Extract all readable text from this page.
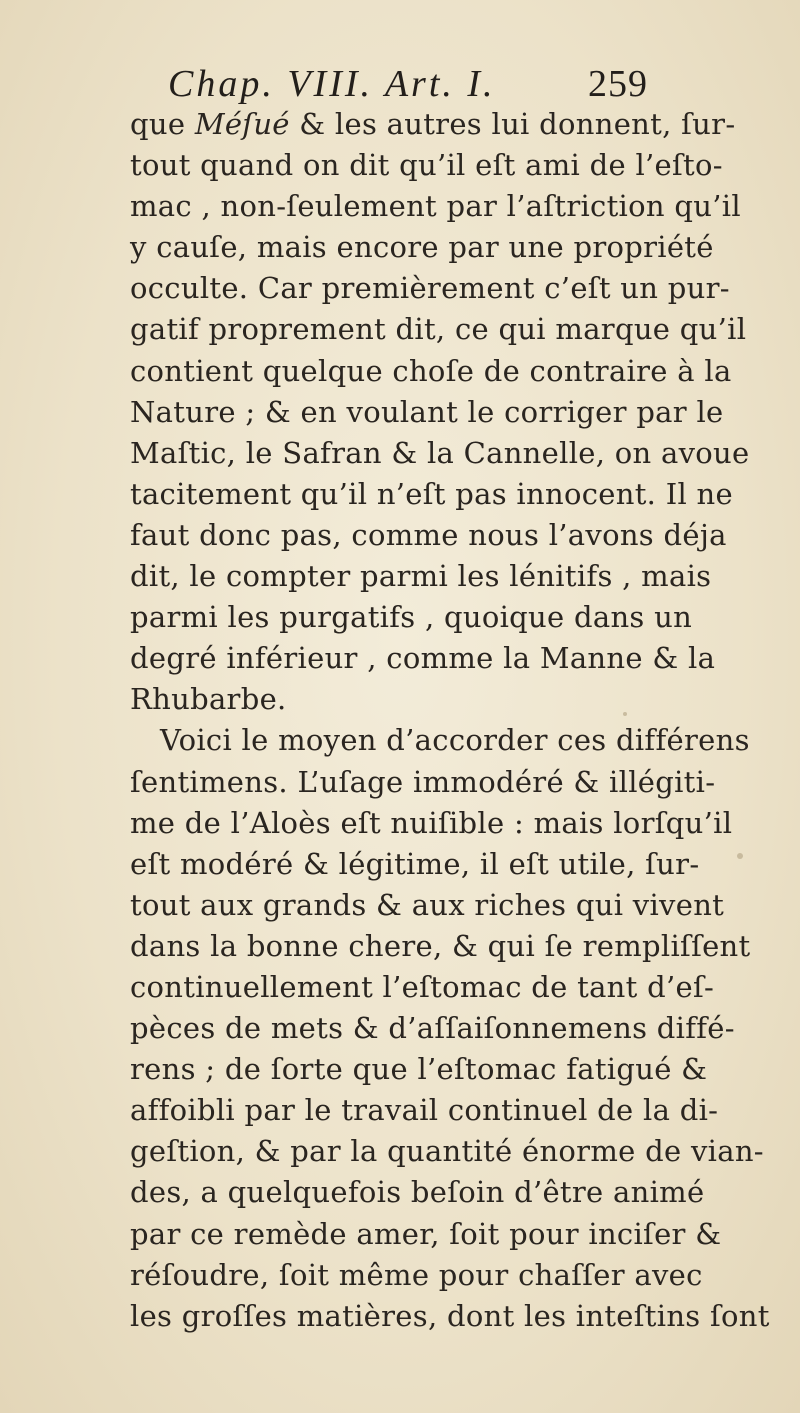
Chap. VIII. Art. I. 259
que Méſué & les autres lui donnent, ſur-
tout quand on dit qu’il eſt ami de l’eſto-
mac , non-ſeulement par l’aſtriction qu’il
y cauſe, mais encore par une propriété
occulte. Car premièrement c’eſt un pur-
gatif proprement dit, ce qui marque qu’il
contient quelque choſe de contraire à la
Nature ; & en voulant le corriger par le
Maſtic, le Safran & la Cannelle, on avoue
tacitement qu’il n’eſt pas innocent. Il ne
faut donc pas, comme nous l’avons déja
dit, le compter parmi les lénitifs , mais
parmi les purgatifs , quoique dans un
degré inférieur , comme la Manne & la
Rhubarbe.
Voici le moyen d’accorder ces différens
ſentimens. L’uſage immodéré & illégiti-
me de l’Aloès eſt nuiſible : mais lorſqu’il
eſt modéré & légitime, il eſt utile, ſur-
tout aux grands & aux riches qui vivent
dans la bonne chere, & qui ſe rempliſſent
continuellement l’eſtomac de tant d’eſ-
pèces de mets & d’aſſaiſonnemens diffé-
rens ; de ſorte que l’eſtomac fatigué &
affoibli par le travail continuel de la di-
geſtion, & par la quantité énorme de vian-
des, a quelquefois beſoin d’être animé
par ce remède amer, ſoit pour inciſer &
réſoudre, ſoit même pour chaſſer avec
les groſſes matières, dont les inteſtins ſont
